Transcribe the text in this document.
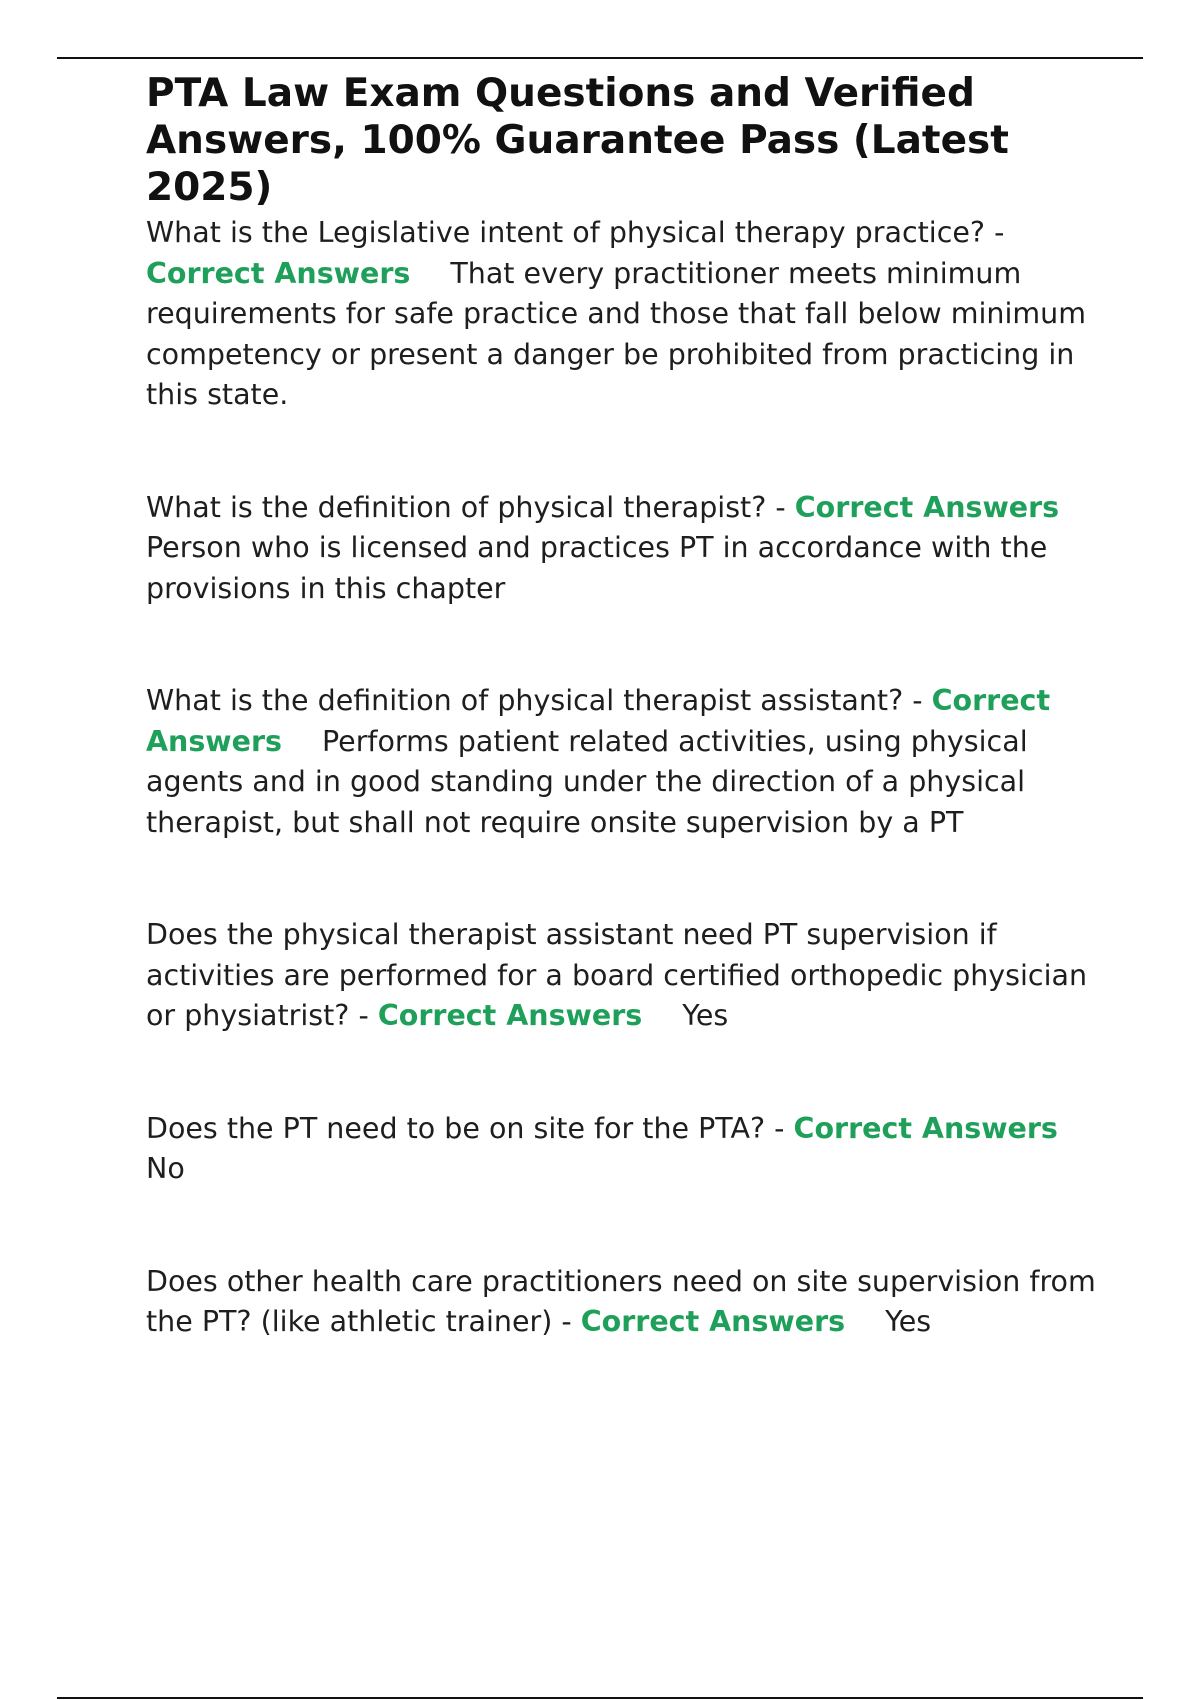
PTA Law Exam Questions and Verified Answers, 100% Guarantee Pass (Latest 2025)

What is the Legislative intent of physical therapy practice? - Correct Answers That every practitioner meets minimum requirements for safe practice and those that fall below minimum competency or present a danger be prohibited from practicing in this state.

What is the definition of physical therapist? - Correct AnswersPerson who is licensed and practices PT in accordance with the provisions in this chapter

What is the definition of physical therapist assistant? - Correct Answers Performs patient related activities, using physical agents and in good standing under the direction of a physical therapist, but shall not require onsite supervision by a PT

Does the physical therapist assistant need PT supervision if activities are performed for a board certified orthopedic physician or physiatrist? - Correct Answers Yes

Does the PT need to be on site for the PTA? - Correct AnswersNo

Does other health care practitioners need on site supervision from the PT? (like athletic trainer) - Correct Answers Yes
